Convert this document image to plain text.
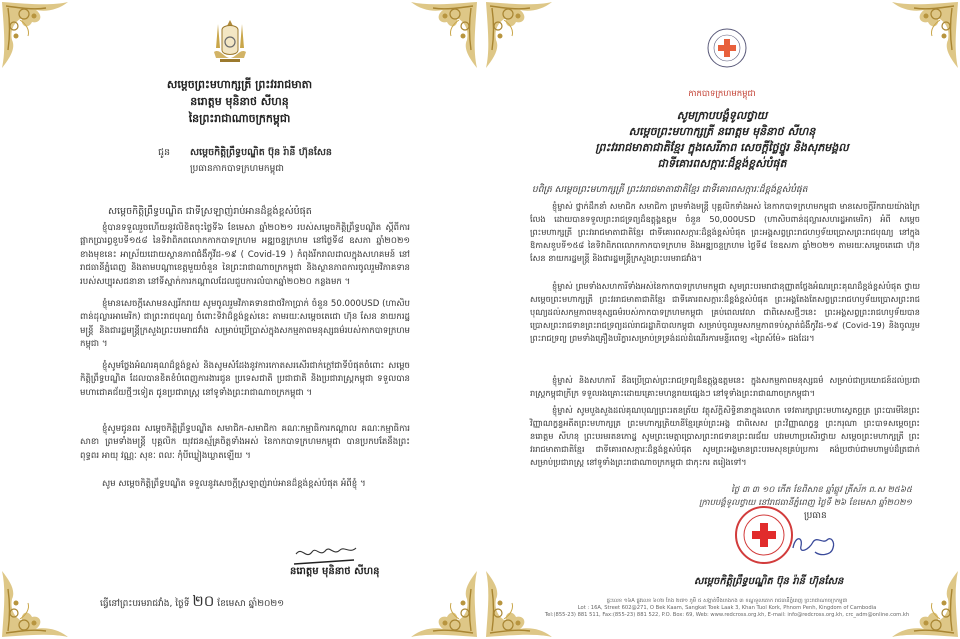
សម្តេចព្រះមហាក្សត្រី ព្រះវររាជមាតា
នរោត្តម មុនិនាថ សីហនុ
នៃព្រះរាជាណាចក្រកម្ពុជា
ជូន សម្តេចកិត្តិព្រឹទ្ធបណ្ឌិត ប៊ុន រ៉ានី ហ៊ុនសែន
ប្រធានកាកបាទក្រហមកម្ពុជា
សម្តេចកិត្តិព្រឹទ្ធបណ្ឌិត ជាទីស្រឡាញ់រាប់អានដ៏ខ្ពង់ខ្ពស់បំផុត
ខ្ញុំបានទទួលរួចហើយនូវលិខិតចុះថ្ងៃទី៦ ខែមេសា ឆ្នាំ២០២១ របស់សម្តេចកិត្តិព្រឹទ្ធបណ្ឌិត ស្តីពីការផ្អាកប្រារព្ធខួបទី១៥៨ នៃទិវាពិភពលោកកាកបាទក្រហម អឌ្ឍចន្ទក្រហម នៅថ្ងៃទី៨ ឧសភា ឆ្នាំ២០២១ ខាងមុខនេះ អាស្រ័យដោយស្ថានភាពជំងឺកូវីដ-១៩ ( Covid-19 ) កំពុងរីករាលដាលក្នុងសហគមន៍ នៅរាជធានីភ្នំពេញ និងតាមបណ្តាខេត្តមួយចំនួន នៃព្រះរាជាណាចក្រកម្ពុជា និងស្ថានភាពការចូលរួមវិភាគទានរបស់សប្បុរសជនានា នៅទីស្នាក់ការកណ្តាលដែលជួបការលំបាកឆ្នាំ២០២០ កន្លងមក ។
ខ្ញុំមានសេចក្តីសោមនស្សរីករាយ សូមចូលរួមវិភាគទានជាថវិកាប្រាក់ ចំនួន 50.000USD (ហាសិបពាន់ដុល្លារអាមេរិក) ជាព្រះរាជបុណ្យ ចំពោះទិវាដ៏ខ្ពង់ខ្ពស់នេះ តាមរយៈសម្តេចតេជោ ហ៊ុន សែន នាយករដ្ឋមន្ត្រី និងជារដ្ឋមន្ត្រីក្រសួងព្រះបរមរាជវាំង សម្រាប់ប្រើប្រាស់ក្នុងសកម្មភាពមនុស្សធម៌របស់កាកបាទក្រហមកម្ពុជា ។
ខ្ញុំសូមថ្លែងអំណរគុណដ៏ខ្ពង់ខ្ពស់ និងសូមសំដែងនូវការកោតសរសើរជាក់ក្តៅជាទីបំផុតចំពោះ សម្តេចកិត្តិព្រឹទ្ធបណ្ឌិត ដែលបានខិតខំបំពេញការងារជូន ប្រទេសជាតិ ប្រជាជាតិ និងប្រជារាស្ត្រកម្ពុជា ទទួលបានមហាជោគជ័យថ្មីៗទៀត ជូនប្រជារាស្ត្រ នៅទូទាំងព្រះរាជាណាចក្រកម្ពុជា ។
ខ្ញុំសូមជូនពរ សម្តេចកិត្តិព្រឹទ្ធបណ្ឌិត សមាជិក-សមាជិកា គណៈកម្មាធិការកណ្តាល គណៈកម្មាធិការ សាខា ព្រមទាំងមន្ត្រី បុគ្គលិក យុវជនស្ម័គ្រចិត្តទាំងអស់ នៃកាកបាទក្រហមកម្ពុជា បានប្រកបតែនឹងព្រះពុទ្ធពរ អាយុ វណ្ណៈ សុខៈ ពលៈ កុំបីឃ្លៀងឃ្លាតឡើយ ។
សូម សម្តេចកិត្តិព្រឹទ្ធបណ្ឌិត ទទួលនូវសេចក្តីស្រឡាញ់រាប់អានដ៏ខ្ពង់ខ្ពស់បំផុត អំពីខ្ញុំ ។
នរោត្តម មុនិនាថ សីហនុ
ធ្វើនៅព្រះបរមរាជវាំង, ថ្ងៃទី ២០ ខែមេសា ឆ្នាំ២០២១
កាកបាទក្រហមកម្ពុជា
សូមក្រាបបង្គំទូលថ្វាយ
សម្តេចព្រះមហាក្សត្រី នរោត្តម មុនិនាថ សីហនុ
ព្រះវររាជមាតាជាតិខ្មែរ ក្នុងសេរីភាព សេចក្តីថ្លៃថ្នូរ និងសុភមង្គល
ជាទីគោរពសក្ការៈដ៏ខ្ពង់ខ្ពស់បំផុត
បពិត្រ សម្តេចព្រះមហាក្សត្រី ព្រះវររាជមាតាជាតិខ្មែរ ជាទីគោរពសក្ការៈដ៏ខ្ពង់ខ្ពស់បំផុត
ខ្ញុំម្ចាស់ ថ្នាក់ដឹកនាំ សមាជិក សមាជិកា ព្រមទាំងមន្ត្រី បុគ្គលិកទាំងអស់ នៃកាកបាទក្រហមកម្ពុជា មានសេចក្តីរីករាយយ៉ាងក្រៃលែង ដោយបានទទួលព្រះរាជទ្រព្យដ៏ឧត្តុង្គឧត្តម ចំនួន 50,000USD (ហាសិបពាន់ដុល្លារសហរដ្ឋអាមេរិក) អំពី សម្តេចព្រះមហាក្សត្រី ព្រះវររាជមាតាជាតិខ្មែរ ជាទីគោរពសក្ការៈដ៏ខ្ពង់ខ្ពស់បំផុត ព្រះអង្គសព្វព្រះរាជហឫទ័យប្រោសព្រះរាជបុណ្យ នៅក្នុងឱកាសខួបទី១៥៨ នៃទិវាពិភពលោកកាកបាទក្រហម និងអឌ្ឍចន្ទក្រហម ថ្ងៃទី៨ ខែឧសភា ឆ្នាំ២០២១ តាមរយៈសម្តេចតេជោ ហ៊ុន សែន នាយករដ្ឋមន្ត្រី និងជារដ្ឋមន្ត្រីក្រសួងព្រះបរមរាជវាំង។
ខ្ញុំម្ចាស់ ព្រមទាំងសហការីទាំងអស់នៃកាកបាទក្រហមកម្ពុជា សូមព្រះបរមរាជានុញ្ញាតថ្លែងអំណរព្រះគុណដ៏ខ្ពង់ខ្ពស់បំផុត ថ្វាយ សម្តេចព្រះមហាក្សត្រី ព្រះវររាជមាតាជាតិខ្មែរ ជាទីគោរពសក្ការៈដ៏ខ្ពង់ខ្ពស់បំផុត ព្រះអង្គតែងតែសព្វព្រះរាជហឫទ័យប្រោសព្រះរាជបុណ្យដល់សកម្មភាពមនុស្សធម៌របស់កាកបាទក្រហមកម្ពុជា គ្រប់ពេលវេលា ជាពិសេសថ្មីៗនេះ ព្រះអង្គសព្វព្រះរាជហឫទ័យបានប្រោសព្រះរាជទានព្រះរាជទ្រព្យដល់រាជរដ្ឋាភិបាលកម្ពុជា សម្រាប់ចូលរួមសកម្មភាពទប់ស្កាត់ជំងឺកូវីដ-១៩ (Covid-19) និងចូលរួមព្រះរាជទ្រព្យ ព្រមទាំងគ្រឿងបរិក្ខារសម្រាប់ទ្រទ្រង់ដល់ដំណើរការមន្ទីរពេទ្យ «ព្រៃស៍ម៉ែ» ផងដែរ។
ខ្ញុំម្ចាស់ និងសហការី នឹងប្រើប្រាស់ព្រះរាជទ្រព្យដ៏ឧត្តុង្គឧត្តមនេះ ក្នុងសកម្មភាពមនុស្សធម៌ សម្រាប់ជាប្រយោជន៍ដល់ប្រជារាស្ត្រកម្ពុជាក្រីក្រ ទទួលរងគ្រោះដោយគ្រោះមហន្តរាយផ្សេងៗ នៅទូទាំងព្រះរាជាណាចក្រកម្ពុជា។
ខ្ញុំម្ចាស់ សូមបួងសួងដល់គុណបុណ្យព្រះរតនត្រ័យ វត្ថុស័ក្តិសិទ្ធិនានាក្នុងលោក ទេវតារក្សាព្រះមហាស្វេតច្ឆត្រ ព្រះបារមីនៃព្រះវិញ្ញាណក្ខន្ធអតីតព្រះមហាក្សត្រ ព្រះមហាក្សត្រិយានីខ្មែរគ្រប់ព្រះអង្គ ជាពិសេស ព្រះវិញ្ញាណក្ខន្ធ ព្រះករុណា ព្រះបាទសម្តេចព្រះ នរោត្តម សីហនុ ព្រះបរមរតនកោដ្ឋ សូមព្រះមេត្តាប្រោសព្រះរាជទានព្រះពរជ័យ បវរមហាប្រសើរថ្វាយ សម្តេចព្រះមហាក្សត្រី ព្រះវររាជមាតាជាតិខ្មែរ ជាទីគោរពសក្ការៈដ៏ខ្ពង់ខ្ពស់បំផុត សូមព្រះអង្គមានព្រះបរមសុខគ្រប់ប្រការ គង់ប្រថាប់ជាមហាម្លប់ដ៏ត្រជាក់ សម្រាប់ប្រជារាស្ត្រ នៅទូទាំងព្រះរាជាណាចក្រកម្ពុជា ជាកុះករ តរៀងទៅ។
ថ្ងៃ ៣ ៣ ១០ កើត ខែពិសាខ ឆ្នាំឆ្លូវ ត្រីស័ក ព.ស ២៥៦៥
ក្រាបបង្គំទូលថ្វាយ នៅរាជធានីភ្នំពេញ ថ្ងៃទី ២៦ ខែមេសា ឆ្នាំ២០២១
ប្រធាន
សម្តេចកិត្តិព្រឹទ្ធបណ្ឌិត ប៊ុន រ៉ានី ហ៊ុនសែន
ផ្ទះលេខ ១៦A ផ្លូវលេខ ៦០២ កែង ២៧១ ភូមិ ៥ សង្កាត់បឹងកេងកង ៣ ខណ្ឌទួលគោក រាជធានីភ្នំពេញ ព្រះរាជាណាចក្រកម្ពុជា
Lot : 16A, Street 602@271, O Bek Kaam, Sangkat Toek Laak 3, Khan Tuol Kork, Phnom Penh, Kingdom of Cambodia
Tel:(855-23) 881 511, Fax:(855-23) 881 522, P.O. Box: 69, Web: www.redcross.org.kh, E-mail: info@redcross.org.kh, crc_adm@online.com.kh
